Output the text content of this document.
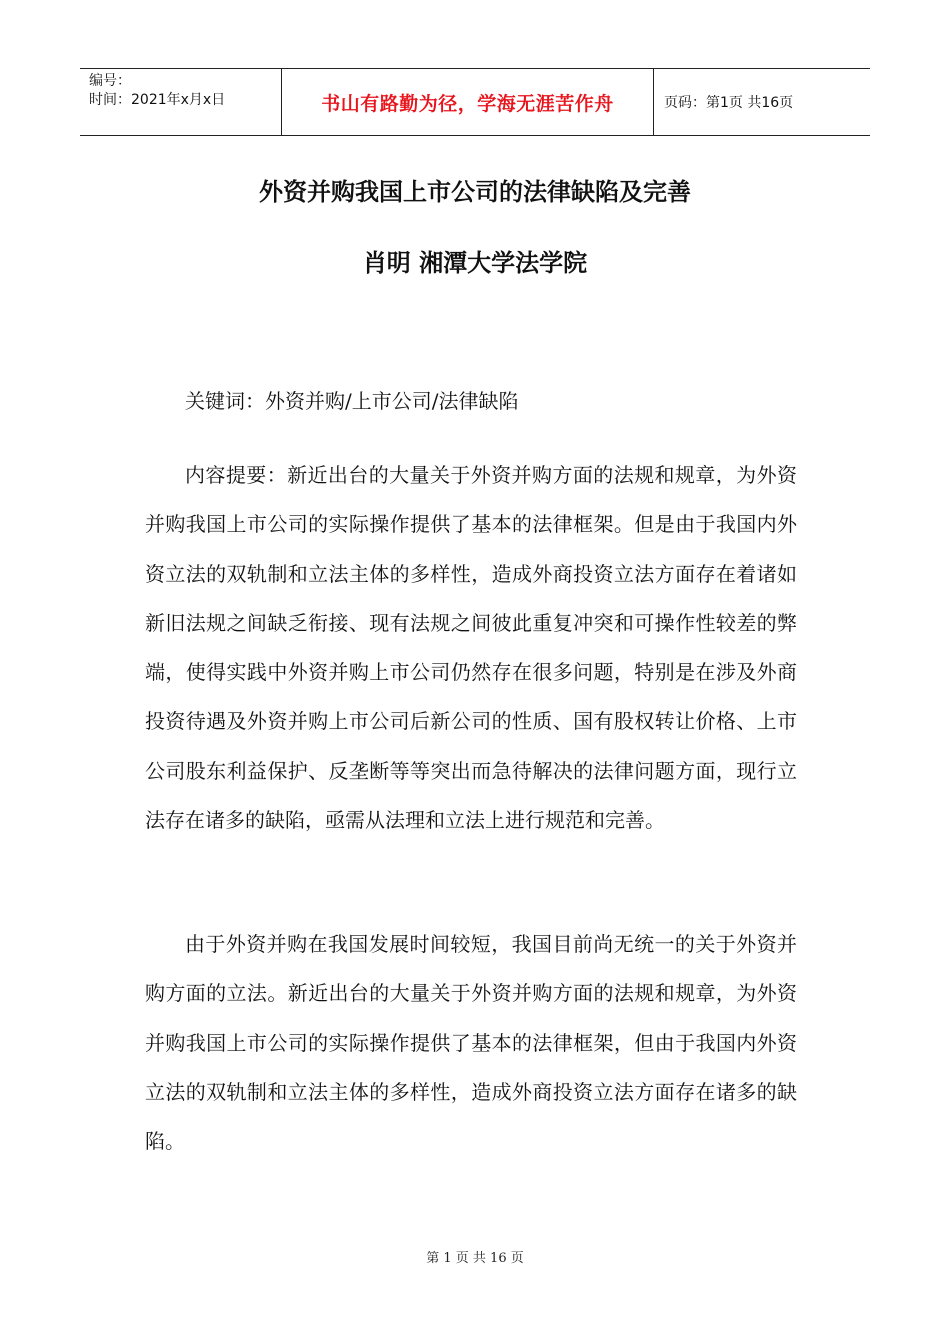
编号：
时间：2021年x月x日	书山有路勤为径，学海无涯苦作舟	页码：第1页 共16页
外资并购我国上市公司的法律缺陷及完善
肖明 湘潭大学法学院

关键词：外资并购/上市公司/法律缺陷

内容提要：新近出台的大量关于外资并购方面的法规和规章，为外资并购我国上市公司的实际操作提供了基本的法律框架。但是由于我国内外资立法的双轨制和立法主体的多样性，造成外商投资立法方面存在着诸如新旧法规之间缺乏衔接、现有法规之间彼此重复冲突和可操作性较差的弊端，使得实践中外资并购上市公司仍然存在很多问题，特别是在涉及外商投资待遇及外资并购上市公司后新公司的性质、国有股权转让价格、上市公司股东利益保护、反垄断等等突出而急待解决的法律问题方面，现行立法存在诸多的缺陷，亟需从法理和立法上进行规范和完善。

由于外资并购在我国发展时间较短，我国目前尚无统一的关于外资并购方面的立法。新近出台的大量关于外资并购方面的法规和规章，为外资并购我国上市公司的实际操作提供了基本的法律框架，但由于我国内外资立法的双轨制和立法主体的多样性，造成外商投资立法方面存在诸多的缺陷。

第 1 页 共 16 页
